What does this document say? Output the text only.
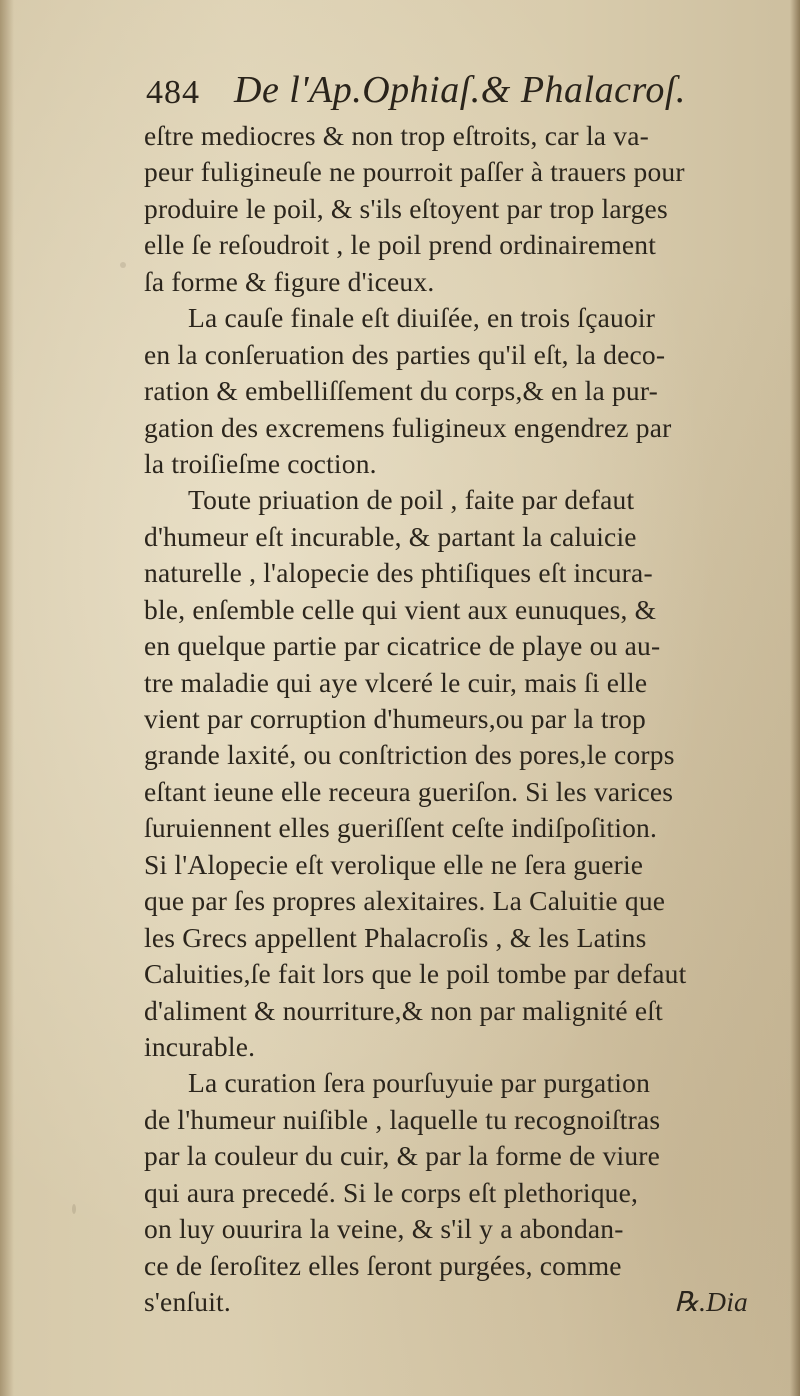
484 De l'Ap.Ophiaſ.& Phalacroſ.
eſtre mediocres & non trop eſtroits, car la va-
peur fuligineuſe ne pourroit paſſer à trauers pour
produire le poil, & s'ils eſtoyent par trop larges
elle ſe reſoudroit , le poil prend ordinairement
ſa forme & figure d'iceux.
La cauſe finale eſt diuiſée, en trois ſçauoir
en la conſeruation des parties qu'il eſt, la deco-
ration & embelliſſement du corps,& en la pur-
gation des excremens fuligineux engendrez par
la troiſieſme coction.
Toute priuation de poil , faite par defaut
d'humeur eſt incurable, & partant la caluicie
naturelle , l'alopecie des phtiſiques eſt incura-
ble, enſemble celle qui vient aux eunuques, &
en quelque partie par cicatrice de playe ou au-
tre maladie qui aye vlceré le cuir, mais ſi elle
vient par corruption d'humeurs,ou par la trop
grande laxité, ou conſtriction des pores,le corps
eſtant ieune elle receura gueriſon. Si les varices
ſuruiennent elles gueriſſent ceſte indiſpoſition.
Si l'Alopecie eſt verolique elle ne ſera guerie
que par ſes propres alexitaires. La Caluitie que
les Grecs appellent Phalacroſis , & les Latins
Caluities,ſe fait lors que le poil tombe par defaut
d'aliment & nourriture,& non par malignité eſt
incurable.
La curation ſera pourſuyuie par purgation
de l'humeur nuiſible , laquelle tu recognoiſtras
par la couleur du cuir, & par la forme de viure
qui aura precedé. Si le corps eſt plethorique,
on luy ouurira la veine, & s'il y a abondan-
ce de ſeroſitez elles ſeront purgées, comme
s'enſuit.	℞.Dia
